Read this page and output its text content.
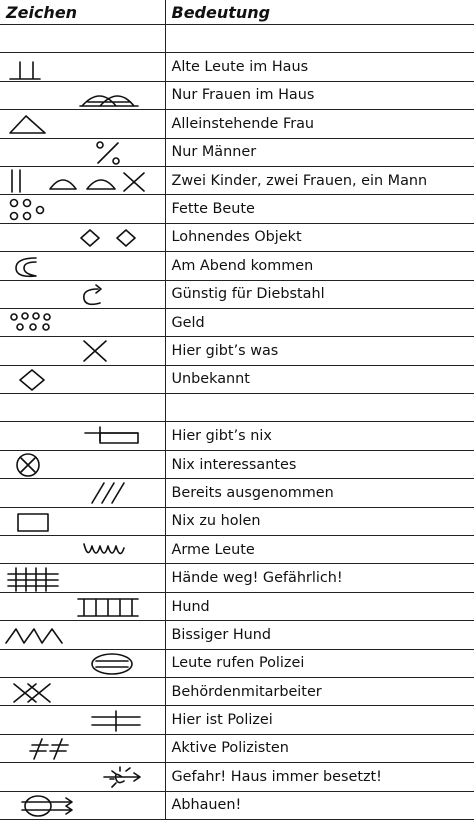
Zeichen	Bedeutung

	Alte Leute im Haus

	Nur Frauen im Haus

	Alleinstehende Frau

	Nur Männer

	Zwei Kinder, zwei Frauen, ein Mann

	Fette Beute

	Lohnendes Objekt

	Am Abend kommen

	Günstig für Diebstahl

	Geld

	Hier gibt’s was

	Unbekannt

	Hier gibt’s nix

	Nix interessantes

	Bereits ausgenommen

	Nix zu holen

	Arme Leute

	Hände weg! Gefährlich!

	Hund

	Bissiger Hund

	Leute rufen Polizei

	Behördenmitarbeiter

	Hier ist Polizei

	Aktive Polizisten

	Gefahr! Haus immer besetzt!

	Abhauen!
